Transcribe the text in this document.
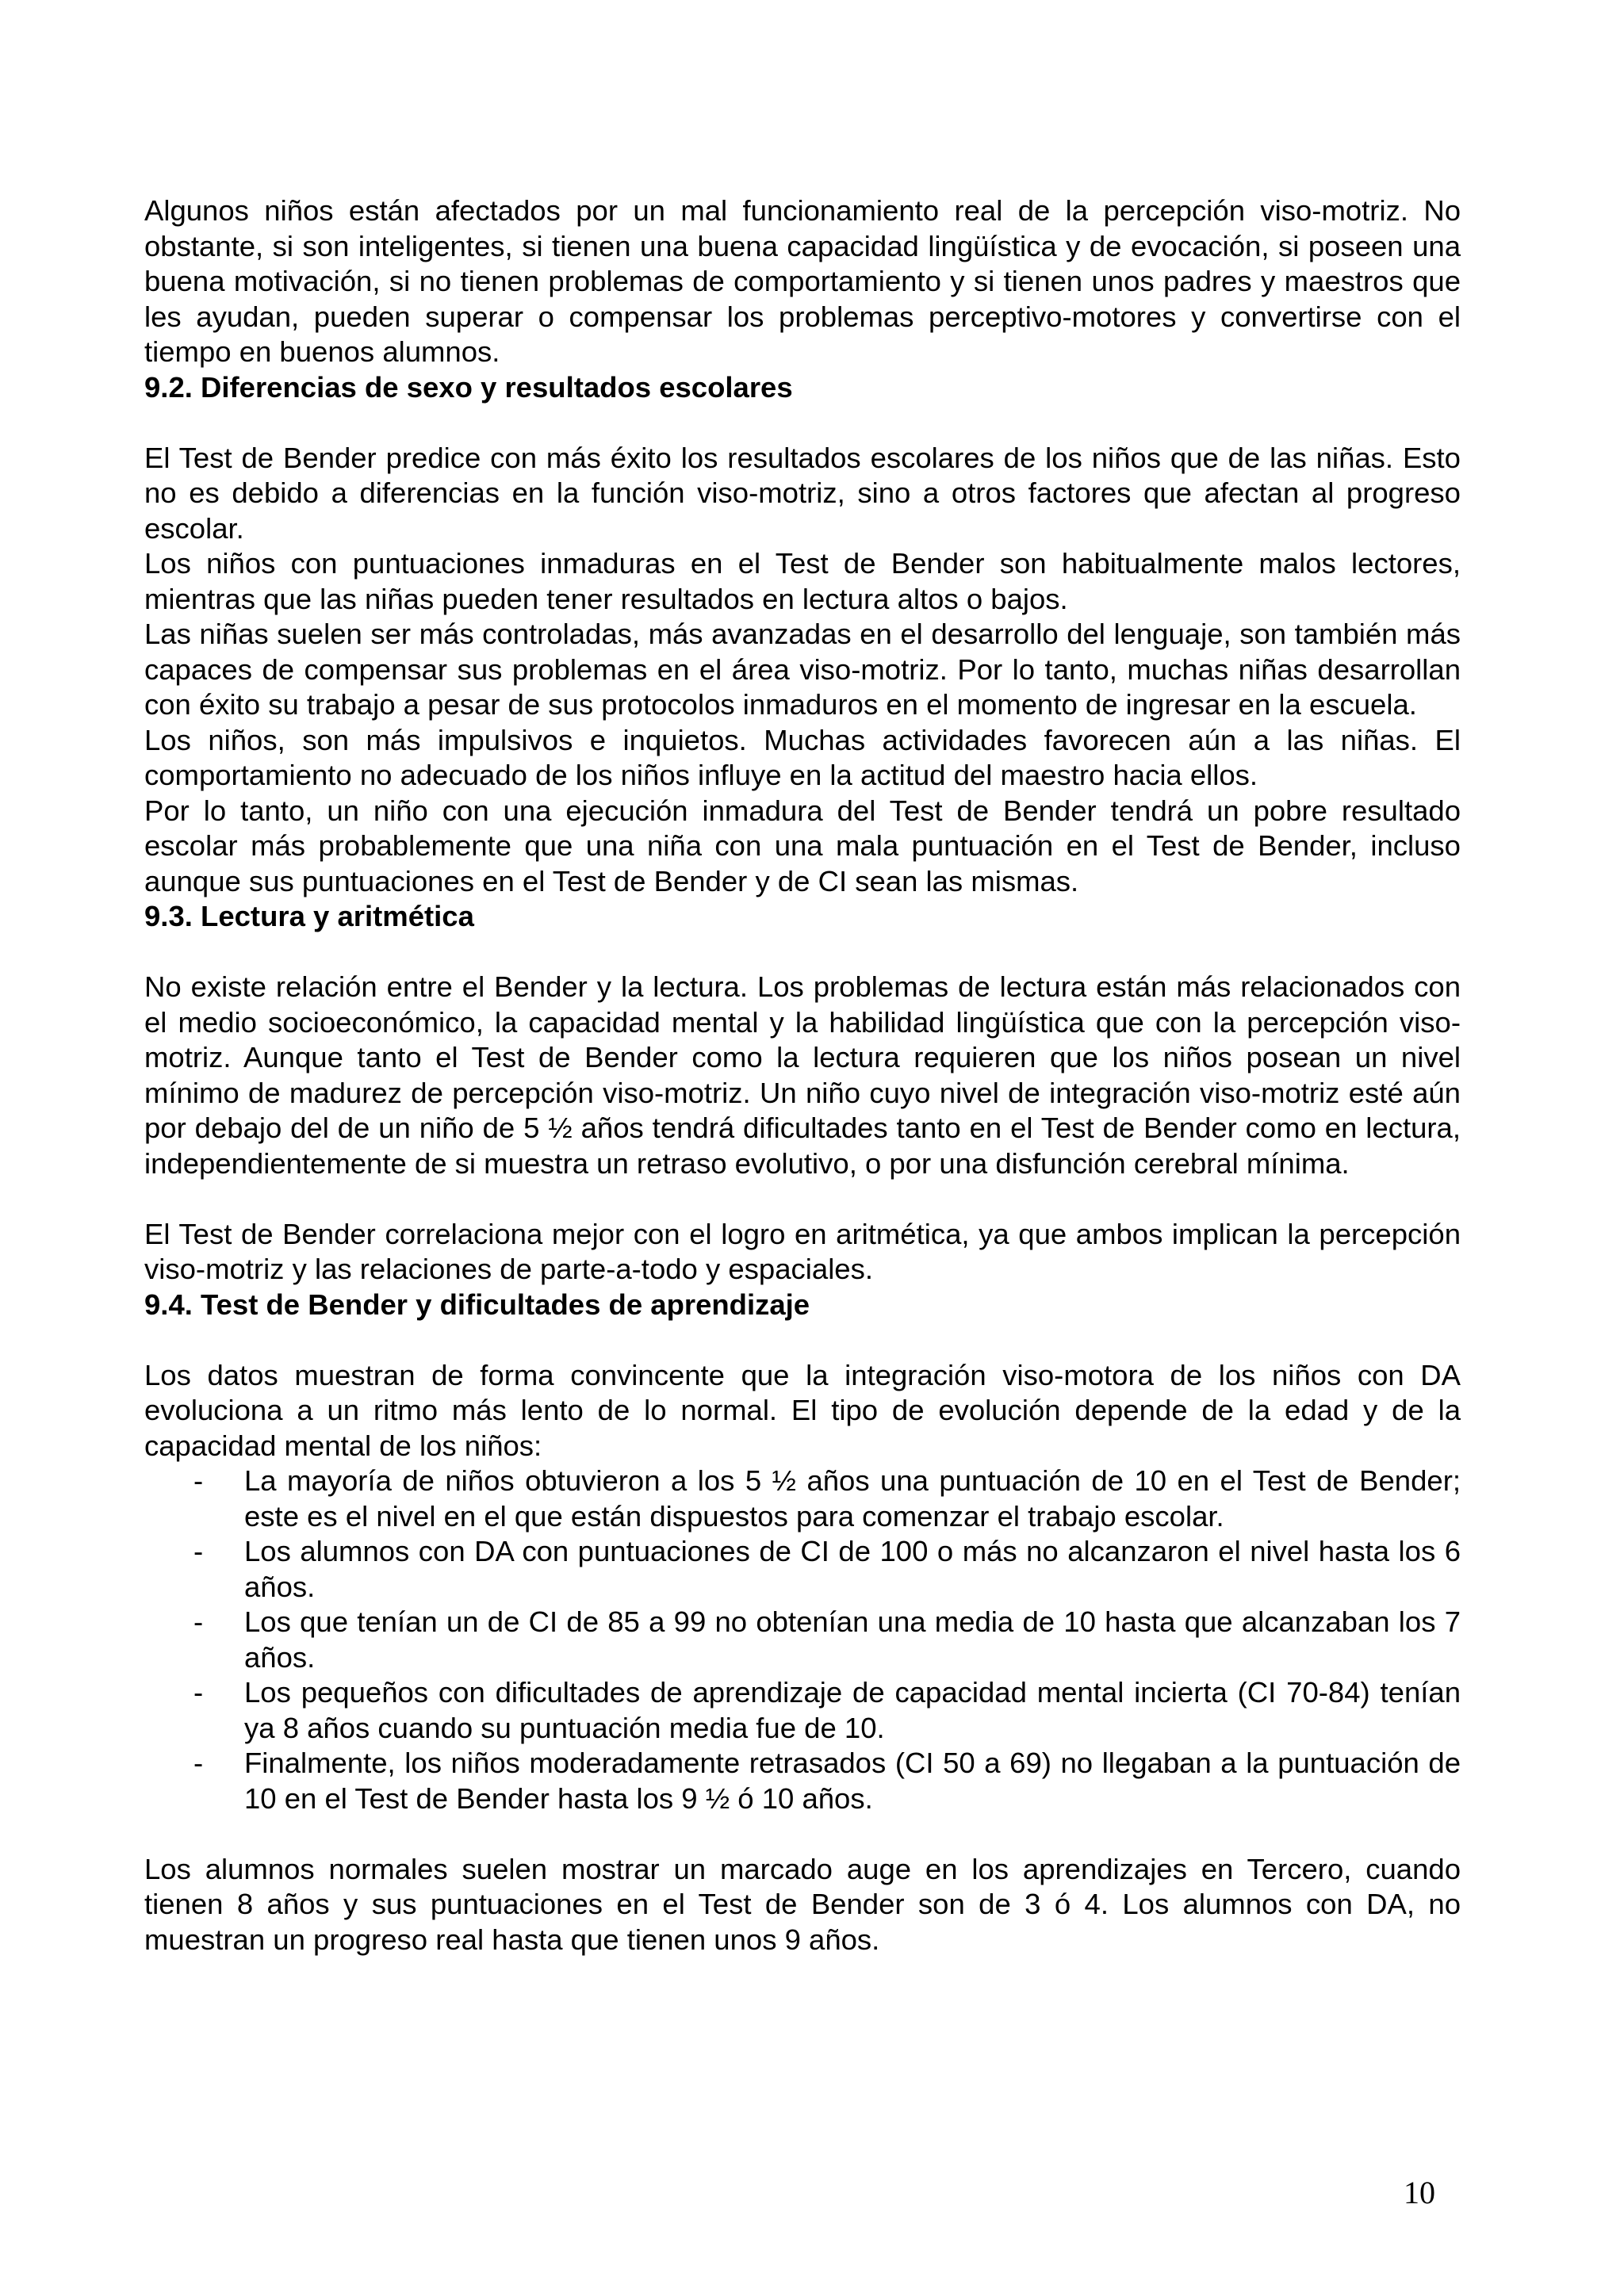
Algunos niños están afectados por un mal funcionamiento real de la percepción viso-motriz. No obstante, si son inteligentes, si tienen una buena capacidad lingüística y de evocación, si poseen una buena motivación, si no tienen problemas de comportamiento y si tienen unos padres y maestros que les ayudan, pueden superar o compensar los problemas perceptivo-motores y convertirse con el tiempo en buenos alumnos.

9.2. Diferencias de sexo y resultados escolares

El Test de Bender predice con más éxito los resultados escolares de los niños que de las niñas. Esto no es debido a diferencias en la función viso-motriz, sino a otros factores que afectan al progreso escolar.

Los niños con puntuaciones inmaduras en el Test de Bender son habitualmente malos lectores, mientras que las niñas pueden tener resultados en lectura altos o bajos.

Las niñas suelen ser más controladas, más avanzadas en el desarrollo del lenguaje, son también más capaces de compensar sus problemas en el área viso-motriz. Por lo tanto, muchas niñas desarrollan con éxito su trabajo a pesar de sus protocolos inmaduros en el momento de ingresar en la escuela.

Los niños, son más impulsivos e inquietos. Muchas actividades favorecen aún a las niñas. El comportamiento no adecuado de los niños influye en la actitud del maestro hacia ellos.

Por lo tanto, un niño con una ejecución inmadura del Test de Bender tendrá un pobre resultado escolar más probablemente que una niña con una mala puntuación en el Test de Bender, incluso aunque sus puntuaciones en el Test de Bender y de CI sean las mismas.

9.3. Lectura y aritmética

No existe relación entre el Bender y la lectura. Los problemas de lectura están más relacionados con el medio socioeconómico, la capacidad mental y la habilidad lingüística que con la percepción viso-motriz. Aunque tanto el Test de Bender como la lectura requieren que los niños posean un nivel mínimo de madurez de percepción viso-motriz. Un niño cuyo nivel de integración viso-motriz esté aún por debajo del de un niño de 5 ½ años tendrá dificultades tanto en el Test de Bender como en lectura, independientemente de si muestra un retraso evolutivo, o por una disfunción cerebral mínima.

El Test de Bender correlaciona mejor con el logro en aritmética, ya que ambos implican la percepción viso-motriz y las relaciones de parte-a-todo y espaciales.

9.4. Test de Bender y dificultades de aprendizaje

Los datos muestran de forma convincente que la integración viso-motora de los niños con DA evoluciona a un ritmo más lento de lo normal. El tipo de evolución depende de la edad y de la capacidad mental de los niños:

- La mayoría de niños obtuvieron a los 5 ½ años una puntuación de 10 en el Test de Bender; este es el nivel en el que están dispuestos para comenzar el trabajo escolar.
- Los alumnos con DA con puntuaciones de CI de 100 o más no alcanzaron el nivel hasta los 6 años.
- Los que tenían un de CI de 85 a 99 no obtenían una media de 10 hasta que alcanzaban los 7 años.
- Los pequeños con dificultades de aprendizaje de capacidad mental incierta (CI 70-84) tenían ya 8 años cuando su puntuación media fue de 10.
- Finalmente, los niños moderadamente retrasados (CI 50 a 69) no llegaban a la puntuación de 10 en el Test de Bender hasta los 9 ½ ó 10 años.

Los alumnos normales suelen mostrar un marcado auge en los aprendizajes en Tercero, cuando tienen 8 años y sus puntuaciones en el Test de Bender son de 3 ó 4. Los alumnos con DA, no muestran un progreso real hasta que tienen unos 9 años.

10
